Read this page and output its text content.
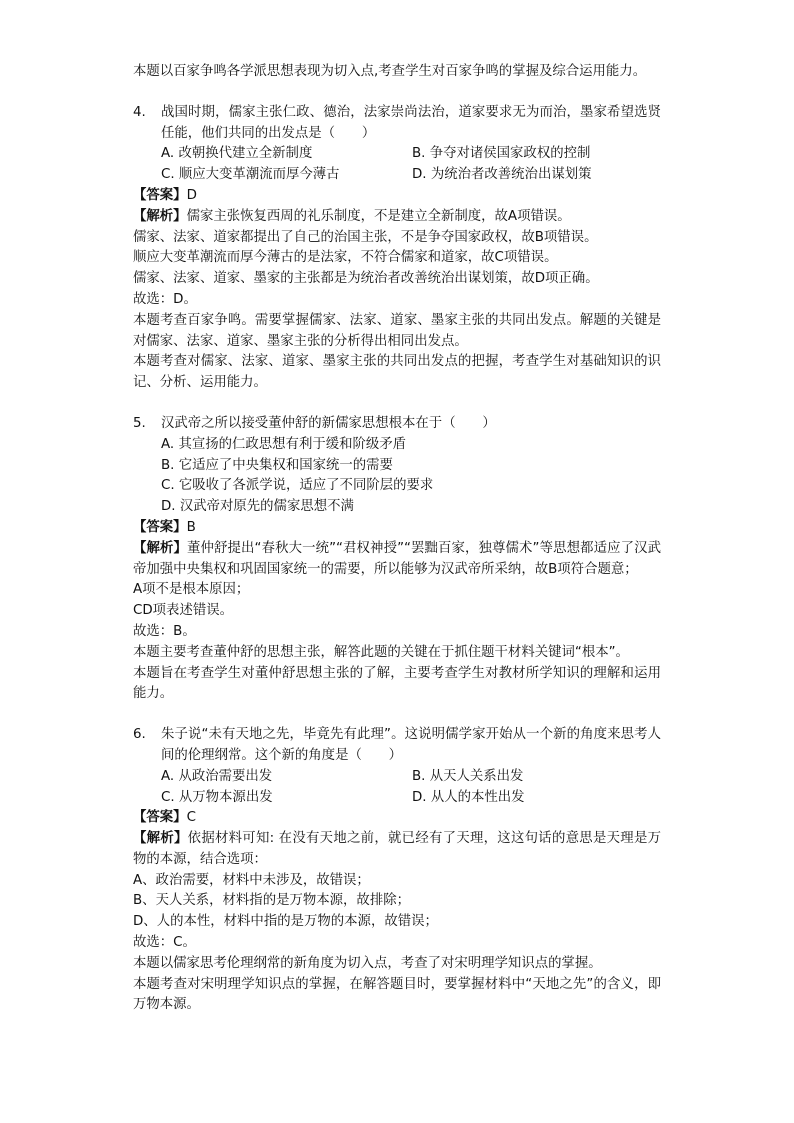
本题以百家争鸣各学派思想表现为切入点,考查学生对百家争鸣的掌握及综合运用能力。

4. 战国时期，儒家主张仁政、德治，法家崇尚法治，道家要求无为而治，墨家希望选贤任能，他们共同的出发点是（　　）

A. 改朝换代建立全新制度	B. 争夺对诸侯国家政权的控制

C. 顺应大变革潮流而厚今薄古	D. 为统治者改善统治出谋划策

【答案】D

【解析】儒家主张恢复西周的礼乐制度，不是建立全新制度，故A项错误。

儒家、法家、道家都提出了自己的治国主张，不是争夺国家政权，故B项错误。

顺应大变革潮流而厚今薄古的是法家，不符合儒家和道家，故C项错误。

儒家、法家、道家、墨家的主张都是为统治者改善统治出谋划策，故D项正确。

故选：D。

本题考查百家争鸣。需要掌握儒家、法家、道家、墨家主张的共同出发点。解题的关键是对儒家、法家、道家、墨家主张的分析得出相同出发点。

本题考查对儒家、法家、道家、墨家主张的共同出发点的把握，考查学生对基础知识的识记、分析、运用能力。

5. 汉武帝之所以接受董仲舒的新儒家思想根本在于（　　）

A. 其宣扬的仁政思想有利于缓和阶级矛盾

B. 它适应了中央集权和国家统一的需要

C. 它吸收了各派学说，适应了不同阶层的要求

D. 汉武帝对原先的儒家思想不满

【答案】B

【解析】董仲舒提出“春秋大一统”“君权神授”“罢黜百家，独尊儒术”等思想都适应了汉武帝加强中央集权和巩固国家统一的需要，所以能够为汉武帝所采纳，故B项符合题意；

A项不是根本原因；

CD项表述错误。

故选：B。

本题主要考查董仲舒的思想主张，解答此题的关键在于抓住题干材料关键词“根本”。

本题旨在考查学生对董仲舒思想主张的了解，主要考查学生对教材所学知识的理解和运用能力。

6. 朱子说“未有天地之先，毕竟先有此理”。这说明儒学家开始从一个新的角度来思考人间的伦理纲常。这个新的角度是（　　）

A. 从政治需要出发	B. 从天人关系出发

C. 从万物本源出发	D. 从人的本性出发

【答案】C

【解析】依据材料可知: 在没有天地之前，就已经有了天理，这这句话的意思是天理是万物的本源，结合选项：

A、政治需要，材料中未涉及，故错误；

B、天人关系，材料指的是万物本源，故排除；

D、人的本性，材料中指的是万物的本源，故错误；

故选：C。

本题以儒家思考伦理纲常的新角度为切入点，考查了对宋明理学知识点的掌握。

本题考查对宋明理学知识点的掌握，在解答题目时，要掌握材料中“天地之先”的含义，即万物本源。
